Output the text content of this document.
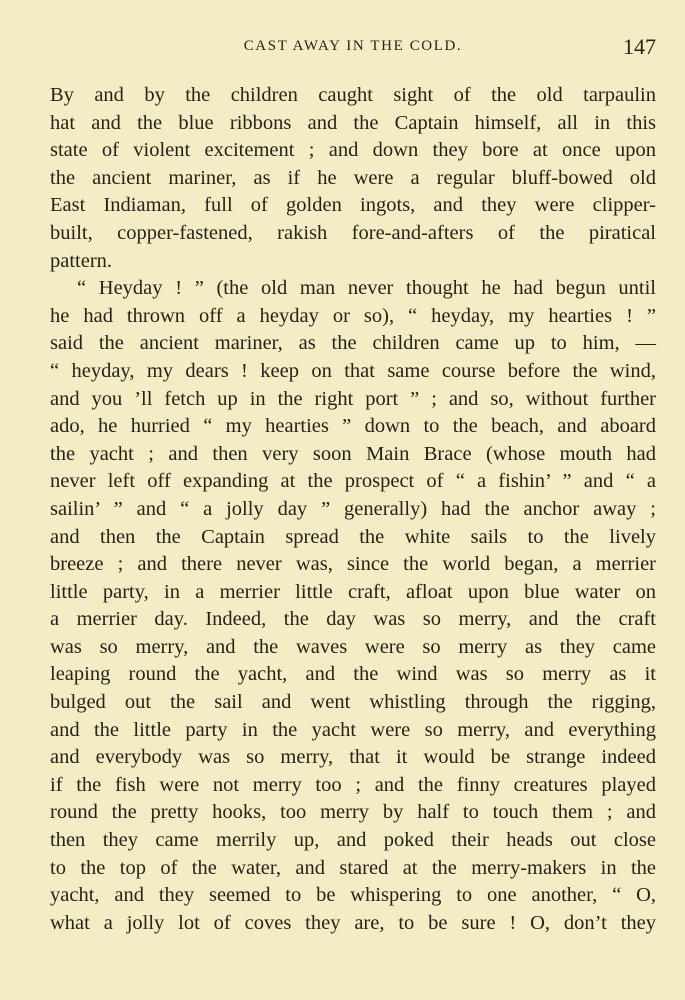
CAST AWAY IN THE COLD.	147
By and by the children caught sight of the old tarpaulin
hat and the blue ribbons and the Captain himself, all in this
state of violent excitement ; and down they bore at once upon
the ancient mariner, as if he were a regular bluff-bowed old
East Indiaman, full of golden ingots, and they were clipper-
built, copper-fastened, rakish fore-and-afters of the piratical
pattern.
“ Heyday ! ” (the old man never thought he had begun until
he had thrown off a heyday or so), “ heyday, my hearties ! ”
said the ancient mariner, as the children came up to him, —
“ heyday, my dears ! keep on that same course before the wind,
and you ’ll fetch up in the right port ” ; and so, without further
ado, he hurried “ my hearties ” down to the beach, and aboard
the yacht ; and then very soon Main Brace (whose mouth had
never left off expanding at the prospect of “ a fishin’ ” and “ a
sailin’ ” and “ a jolly day ” generally) had the anchor away ;
and then the Captain spread the white sails to the lively
breeze ; and there never was, since the world began, a merrier
little party, in a merrier little craft, afloat upon blue water on
a merrier day. Indeed, the day was so merry, and the craft
was so merry, and the waves were so merry as they came
leaping round the yacht, and the wind was so merry as it
bulged out the sail and went whistling through the rigging,
and the little party in the yacht were so merry, and everything
and everybody was so merry, that it would be strange indeed
if the fish were not merry too ; and the finny creatures played
round the pretty hooks, too merry by half to touch them ; and
then they came merrily up, and poked their heads out close
to the top of the water, and stared at the merry-makers in the
yacht, and they seemed to be whispering to one another, “ O,
what a jolly lot of coves they are, to be sure ! O, don’t they
